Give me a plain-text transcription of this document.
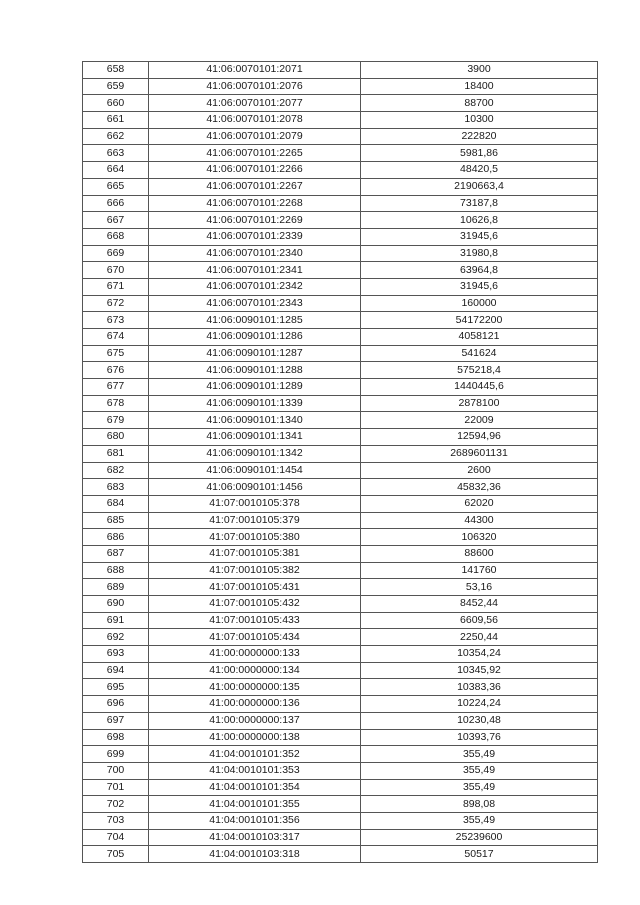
658	41:06:0070101:2071	3900
659	41:06:0070101:2076	18400
660	41:06:0070101:2077	88700
661	41:06:0070101:2078	10300
662	41:06:0070101:2079	222820
663	41:06:0070101:2265	5981,86
664	41:06:0070101:2266	48420,5
665	41:06:0070101:2267	2190663,4
666	41:06:0070101:2268	73187,8
667	41:06:0070101:2269	10626,8
668	41:06:0070101:2339	31945,6
669	41:06:0070101:2340	31980,8
670	41:06:0070101:2341	63964,8
671	41:06:0070101:2342	31945,6
672	41:06:0070101:2343	160000
673	41:06:0090101:1285	54172200
674	41:06:0090101:1286	4058121
675	41:06:0090101:1287	541624
676	41:06:0090101:1288	575218,4
677	41:06:0090101:1289	1440445,6
678	41:06:0090101:1339	2878100
679	41:06:0090101:1340	22009
680	41:06:0090101:1341	12594,96
681	41:06:0090101:1342	2689601131
682	41:06:0090101:1454	2600
683	41:06:0090101:1456	45832,36
684	41:07:0010105:378	62020
685	41:07:0010105:379	44300
686	41:07:0010105:380	106320
687	41:07:0010105:381	88600
688	41:07:0010105:382	141760
689	41:07:0010105:431	53,16
690	41:07:0010105:432	8452,44
691	41:07:0010105:433	6609,56
692	41:07:0010105:434	2250,44
693	41:00:0000000:133	10354,24
694	41:00:0000000:134	10345,92
695	41:00:0000000:135	10383,36
696	41:00:0000000:136	10224,24
697	41:00:0000000:137	10230,48
698	41:00:0000000:138	10393,76
699	41:04:0010101:352	355,49
700	41:04:0010101:353	355,49
701	41:04:0010101:354	355,49
702	41:04:0010101:355	898,08
703	41:04:0010101:356	355,49
704	41:04:0010103:317	25239600
705	41:04:0010103:318	50517
